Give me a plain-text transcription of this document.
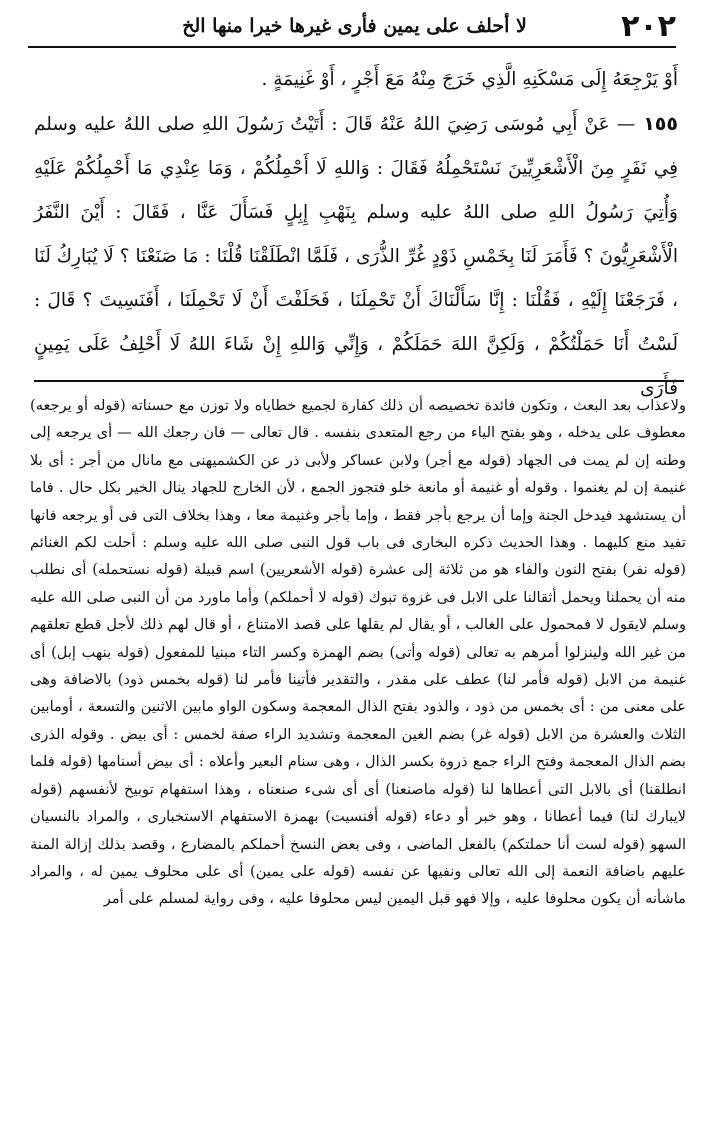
٢٠٢
لا أحلف على يمين فأرى غيرها خيرا منها الخ

أَوْ يَرْجِعَهُ إِلَى مَسْكَنِهِ الَّذِي خَرَجَ مِنْهُ مَعَ أَجْرٍ ، أَوْ غَنِيمَةٍ .

١٥٥— عَنْ أَبِي مُوسَى رَضِيَ اللهُ عَنْهُ قَالَ : أَتَيْتُ رَسُولَ اللهِ صلى اللهُ عليه وسلم فِي نَفَرٍ مِنَ الْأَشْعَرِيِّينَ نَسْتَحْمِلُهُ فَقَالَ : وَاللهِ لَا أَحْمِلُكُمْ ، وَمَا عِنْدِي مَا أَحْمِلُكُمْ عَلَيْهِ وَأُتِيَ رَسُولُ اللهِ صلى اللهُ عليه وسلم بِنَهْبِ إِبِلٍ فَسَأَلَ عَنَّا ، فَقَالَ : أَيْنَ النَّفَرُ الْأَشْعَرِيُّونَ ؟ فَأَمَرَ لَنَا بِخَمْسِ ذَوْدٍ غُرِّ الذُّرَى ، فَلَمَّا انْطَلَقْنَا قُلْنَا : مَا صَنَعْنَا ؟ لَا يُبَارِكُ لَنَا ، فَرَجَعْنَا إِلَيْهِ ، فَقُلْنَا : إِنَّا سَأَلْنَاكَ أَنْ تَحْمِلَنَا ، فَحَلَفْتَ أَنْ لَا تَحْمِلَنَا ، أَفَنَسِيتَ ؟ قَالَ : لَسْتُ أَنَا حَمَلْتُكُمْ ، وَلَكِنَّ اللهَ حَمَلَكُمْ ، وَإِنِّي وَاللهِ إِنْ شَاءَ اللهُ لَا أَحْلِفُ عَلَى يَمِينٍ فَأَرَى

ولاعذاب بعد البعث ، وتكون فائدة تخصيصه أن ذلك كفارة لجميع خطاياه ولا توزن مع حسناته (قوله أو يرجعه) معطوف على يدخله ، وهو بفتح الياء من رجع المتعدى بنفسه . قال تعالى — فان رجعك الله — أى يرجعه إلى وطنه إن لم يمت فى الجهاد (قوله مع أجر) ولابن عساكر ولأبى ذر عن الكشميهنى مع مانال من أجر : أى بلا غنيمة إن لم يغنموا . وقوله أو غنيمة أو مانعة خلو فتجوز الجمع ، لأن الخارج للجهاد ينال الخير بكل حال . فاما أن يستشهد فيدخل الجنة وإما أن يرجع بأجر فقط ، وإما بأجر وغنيمة معا ، وهذا بخلاف التى فى أو يرجعه فانها تفيد منع كليهما . وهذا الحديث ذكره البخارى فى باب قول النبى صلى الله عليه وسلم : أحلت لكم الغنائم (قوله نفر) بفتح النون والفاء هو من ثلاثة إلى عشرة (قوله الأشعريين) اسم قبيلة (قوله نستحمله) أى نطلب منه أن يحملنا ويحمل أثقالنا على الابل فى غزوة تبوك (قوله لا أحملكم) وأما ماورد من أن النبى صلى الله عليه وسلم لايقول لا فمحمول على الغالب ، أو يقال لم يقلها على قصد الامتناع ، أو قال لهم ذلك لأجل قطع تعلقهم من غير الله ولينزلوا أمرهم به تعالى (قوله وأتى) بضم الهمزة وكسر التاء مبنيا للمفعول (قوله بنهب إبل) أى غنيمة من الابل (قوله فأمر لنا) عطف على مقدر ، والتقدير فأتينا فأمر لنا (قوله بخمس ذود) بالاضافة وهى على معنى من : أى بخمس من ذود ، والذود بفتح الذال المعجمة وسكون الواو مابين الاثنين والتسعة ، أومابين الثلاث والعشرة من الابل (قوله غر) بضم الغين المعجمة وتشديد الراء صفة لخمس : أى بيض . وقوله الذرى بضم الذال المعجمة وفتح الراء جمع ذروة بكسر الذال ، وهى سنام البعير وأعلاه : أى بيض أسنامها (قوله فلما انطلقنا) أى بالابل التى أعطاها لنا (قوله ماصنعنا) أى أى شىء صنعناه ، وهذا استفهام توبيخ لأنفسهم (قوله لايبارك لنا) فيما أعطانا ، وهو خبر أو دعاء (قوله أفنسيت) بهمزة الاستفهام الاستخبارى ، والمراد بالنسيان السهو (قوله لست أنا حملتكم) بالفعل الماضى ، وفى بعض النسخ أحملكم بالمضارع ، وقصد بذلك إزالة المنة عليهم باضافة النعمة إلى الله تعالى ونفيها عن نفسه (قوله على يمين) أى على محلوف يمين له ، والمراد ماشأنه أن يكون محلوفا عليه ، وإلا فهو قبل اليمين ليس محلوفا عليه ، وفى رواية لمسلم على أمر
